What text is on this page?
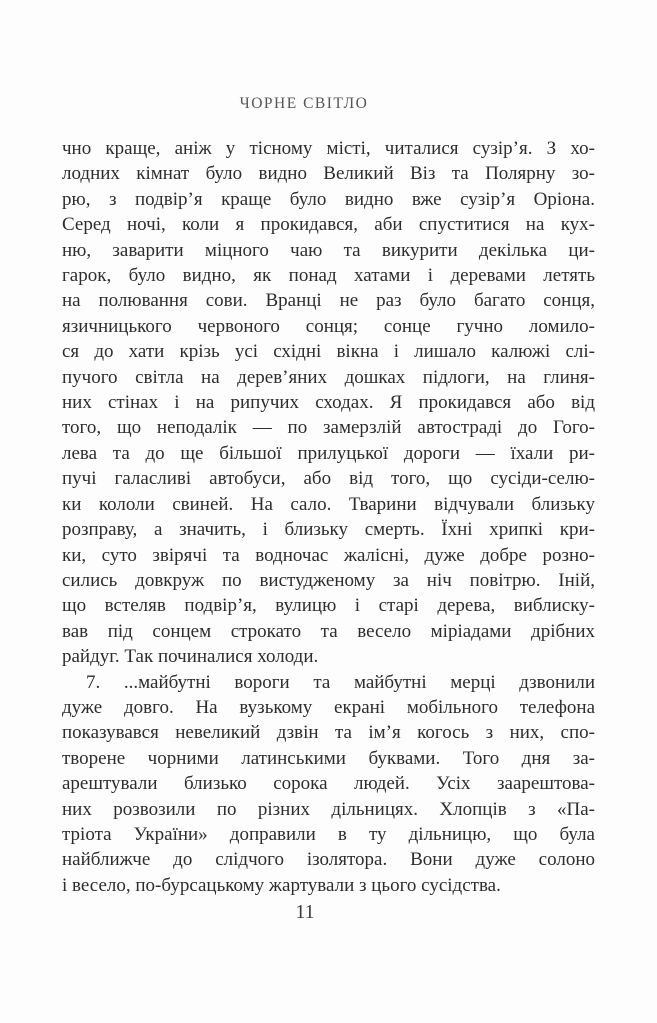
ЧОРНЕ СВІТЛО
чно краще, аніж у тісному місті, читалися сузір’я. З хо-
лодних кімнат було видно Великий Віз та Полярну зо-
рю, з подвір’я краще було видно вже сузір’я Оріона.
Серед ночі, коли я прокидався, аби спуститися на кух-
ню, заварити міцного чаю та викурити декілька ци-
гарок, було видно, як понад хатами і деревами летять
на полювання сови. Вранці не раз було багато сонця,
язичницького червоного сонця; сонце гучно ломило-
ся до хати крізь усі східні вікна і лишало калюжі слі-
пучого світла на дерев’яних дошках підлоги, на глиня-
них стінах і на рипучих сходах. Я прокидався або від
того, що неподалік — по замерзлій автостраді до Гого-
лева та до ще більшої прилуцької дороги — їхали ри-
пучі галасливі автобуси, або від того, що сусіди-селю-
ки кололи свиней. На сало. Тварини відчували близьку
розправу, а значить, і близьку смерть. Їхні хрипкі кри-
ки, суто звірячі та водночас жалісні, дуже добре розно-
сились довкруж по вистудженому за ніч повітрю. Іній,
що встеляв подвір’я, вулицю і старі дерева, виблиску-
вав під сонцем строкато та весело міріадами дрібних
райдуг. Так починалися холоди.
7. ...майбутні вороги та майбутні мерці дзвонили
дуже довго. На вузькому екрані мобільного телефона
показувався невеликий дзвін та ім’я когось з них, спо-
творене чорними латинськими буквами. Того дня за-
арештували близько сорока людей. Усіх заарештова-
них розвозили по різних дільницях. Хлопців з «Па-
тріота України» доправили в ту дільницю, що була
найближче до слідчого ізолятора. Вони дуже солоно
і весело, по-бурсацькому жартували з цього сусідства.
11
